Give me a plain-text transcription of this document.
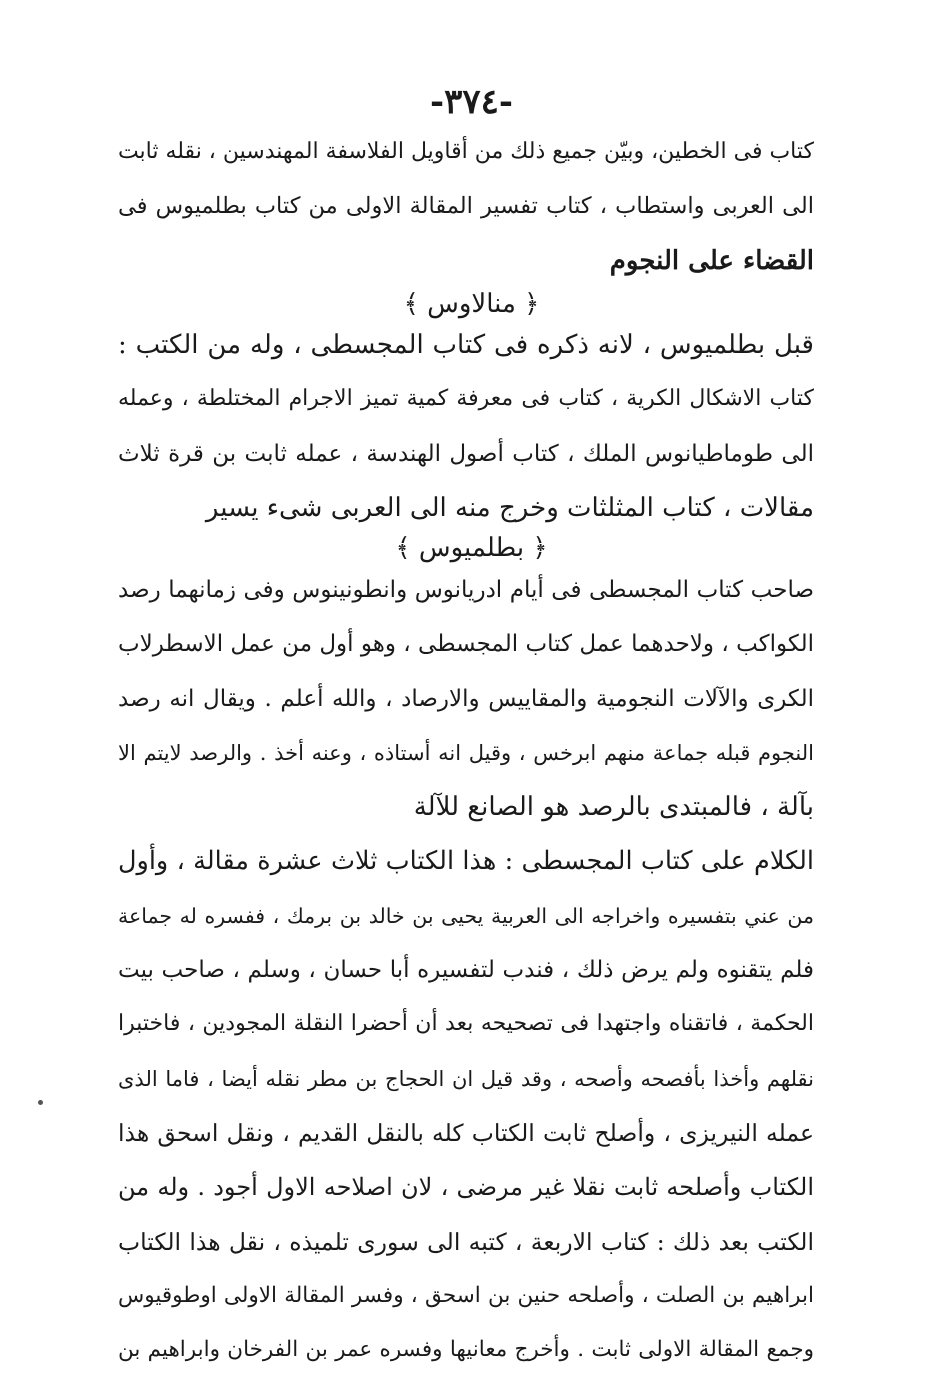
-٣٧٤-
كتاب فى الخطين، وبيّن جميع ذلك من أقاويل الفلاسفة المهندسين ، نقله ثابت
الى العربى واستطاب ، كتاب تفسير المقالة الاولى من كتاب بطلميوس فى
القضاء على النجوم
﴿ منالاوس ﴾
قبل بطلميوس ، لانه ذكره فى كتاب المجسطى ، وله من الكتب :
كتاب الاشكال الكرية ، كتاب فى معرفة كمية تميز الاجرام المختلطة ، وعمله
الى طوماطيانوس الملك ، كتاب أصول الهندسة ، عمله ثابت بن قرة ثلاث
مقالات ، كتاب المثلثات وخرج منه الى العربى شىء يسير
﴿ بطلميوس ﴾
صاحب كتاب المجسطى فى أيام ادريانوس وانطونينوس وفى زمانهما رصد
الكواكب ، ولاحدهما عمل كتاب المجسطى ، وهو أول من عمل الاسطرلاب
الكرى والآلات النجومية والمقاييس والارصاد ، والله أعلم . ويقال انه رصد
النجوم قبله جماعة منهم ابرخس ، وقيل انه أستاذه ، وعنه أخذ . والرصد لايتم الا
بآلة ، فالمبتدى بالرصد هو الصانع للآلة
الكلام على كتاب المجسطى : هذا الكتاب ثلاث عشرة مقالة ، وأول
من عني بتفسيره واخراجه الى العربية يحيى بن خالد بن برمك ، ففسره له جماعة
فلم يتقنوه ولم يرض ذلك ، فندب لتفسيره أبا حسان ، وسلم ، صاحب بيت
الحكمة ، فاتقناه واجتهدا فى تصحيحه بعد أن أحضرا النقلة المجودين ، فاختبرا
نقلهم وأخذا بأفصحه وأصحه ، وقد قيل ان الحجاج بن مطر نقله أيضا ، فاما الذى
عمله النيريزى ، وأصلح ثابت الكتاب كله بالنقل القديم ، ونقل اسحق هذا
الكتاب وأصلحه ثابت نقلا غير مرضى ، لان اصلاحه الاول أجود . وله من
الكتب بعد ذلك : كتاب الاربعة ، كتبه الى سورى تلميذه ، نقل هذا الكتاب
ابراهيم بن الصلت ، وأصلحه حنين بن اسحق ، وفسر المقالة الاولى اوطوقيوس
وجمع المقالة الاولى ثابت . وأخرج معانيها وفسره عمر بن الفرخان وابراهيم بن
